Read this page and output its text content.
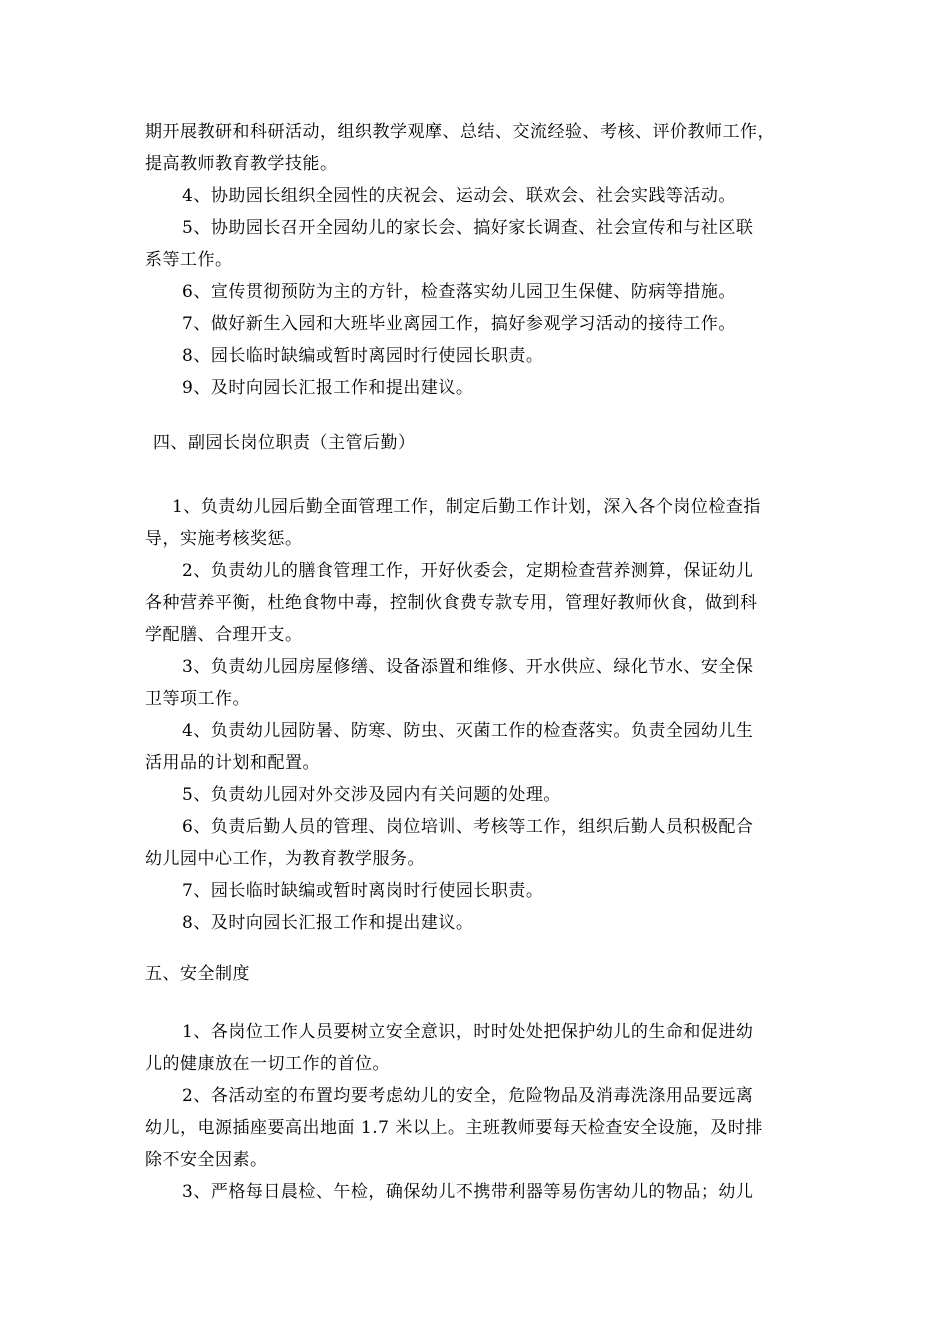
期开展教研和科研活动，组织教学观摩、总结、交流经验、考核、评价教师工作，
提高教师教育教学技能。
4、协助园长组织全园性的庆祝会、运动会、联欢会、社会实践等活动。
5、协助园长召开全园幼儿的家长会、搞好家长调查、社会宣传和与社区联
系等工作。
6、宣传贯彻预防为主的方针，检查落实幼儿园卫生保健、防病等措施。
7、做好新生入园和大班毕业离园工作，搞好参观学习活动的接待工作。
8、园长临时缺编或暂时离园时行使园长职责。
9、及时向园长汇报工作和提出建议。
四、副园长岗位职责（主管后勤）
1、负责幼儿园后勤全面管理工作，制定后勤工作计划，深入各个岗位检查指
导，实施考核奖惩。
2、负责幼儿的膳食管理工作，开好伙委会，定期检查营养测算，保证幼儿
各种营养平衡，杜绝食物中毒，控制伙食费专款专用，管理好教师伙食，做到科
学配膳、合理开支。
3、负责幼儿园房屋修缮、设备添置和维修、开水供应、绿化节水、安全保
卫等项工作。
4、负责幼儿园防暑、防寒、防虫、灭菌工作的检查落实。负责全园幼儿生
活用品的计划和配置。
5、负责幼儿园对外交涉及园内有关问题的处理。
6、负责后勤人员的管理、岗位培训、考核等工作，组织后勤人员积极配合
幼儿园中心工作，为教育教学服务。
7、园长临时缺编或暂时离岗时行使园长职责。
8、及时向园长汇报工作和提出建议。
五、安全制度
1、各岗位工作人员要树立安全意识，时时处处把保护幼儿的生命和促进幼
儿的健康放在一切工作的首位。
2、各活动室的布置均要考虑幼儿的安全，危险物品及消毒洗涤用品要远离
幼儿，电源插座要高出地面 1.7 米以上。主班教师要每天检查安全设施，及时排
除不安全因素。
3、严格每日晨检、午检，确保幼儿不携带利器等易伤害幼儿的物品；幼儿
